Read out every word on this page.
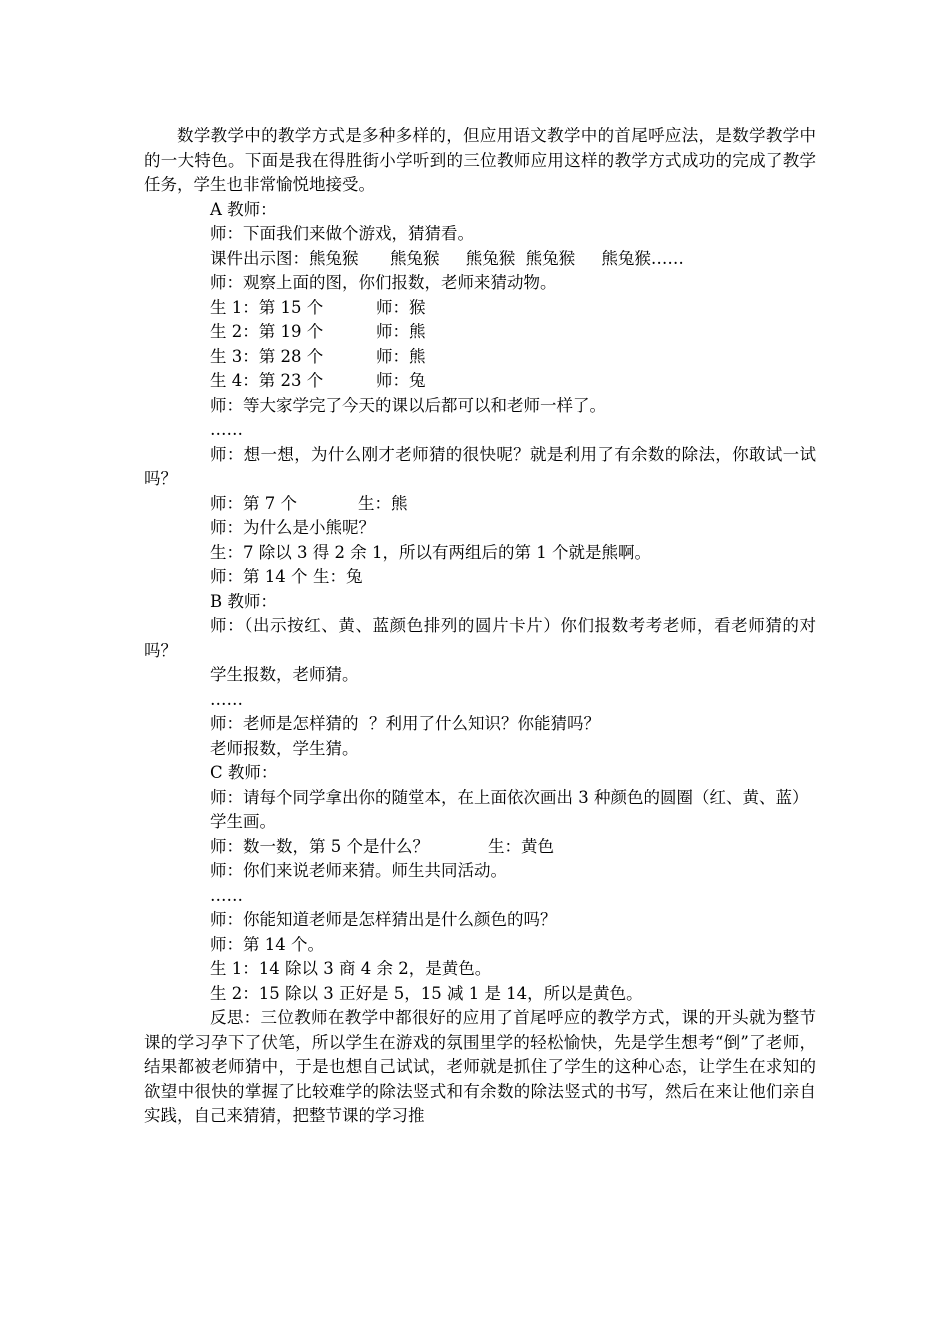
数学教学中的教学方式是多种多样的，但应用语文教学中的首尾呼应法，是数学教学中的一大特色。下面是我在得胜街小学听到的三位教师应用这样的教学方式成功的完成了教学任务，学生也非常愉悦地接受。
A 教师：
师：下面我们来做个游戏，猜猜看。
课件出示图：熊兔猴      熊兔猴     熊兔猴  熊兔猴     熊兔猴……
师：观察上面的图，你们报数，老师来猜动物。
生 1：第 15 个	师：猴
生 2：第 19 个	师：熊
生 3：第 28 个	师：熊
生 4：第 23 个	师：兔
师：等大家学完了今天的课以后都可以和老师一样了。
……
师：想一想，为什么刚才老师猜的很快呢？就是利用了有余数的除法，你敢试一试吗？
师：第 7 个	生：熊
师：为什么是小熊呢？
生：7 除以 3 得 2 余 1，所以有两组后的第 1 个就是熊啊。
师：第 14 个 生：兔
B 教师：
师：（出示按红、黄、蓝颜色排列的圆片卡片）你们报数考考老师，看老师猜的对吗？
学生报数，老师猜。
……
师：老师是怎样猜的  ？利用了什么知识？你能猜吗？
老师报数，学生猜。
C 教师：
师：请每个同学拿出你的随堂本，在上面依次画出 3 种颜色的圆圈（红、黄、蓝）
学生画。
师：数一数，第 5 个是什么？	生：黄色
师：你们来说老师来猜。师生共同活动。
……
师：你能知道老师是怎样猜出是什么颜色的吗？
师：第 14 个。
生 1：14 除以 3 商 4 余 2，是黄色。
生 2：15 除以 3 正好是 5，15 减 1 是 14，所以是黄色。
反思：三位教师在教学中都很好的应用了首尾呼应的教学方式，课的开头就为整节课的学习孕下了伏笔，所以学生在游戏的氛围里学的轻松愉快，先是学生想考“倒”了老师，结果都被老师猜中，于是也想自己试试，老师就是抓住了学生的这种心态，让学生在求知的欲望中很快的掌握了比较难学的除法竖式和有余数的除法竖式的书写，然后在来让他们亲自实践，自己来猜猜，把整节课的学习推
